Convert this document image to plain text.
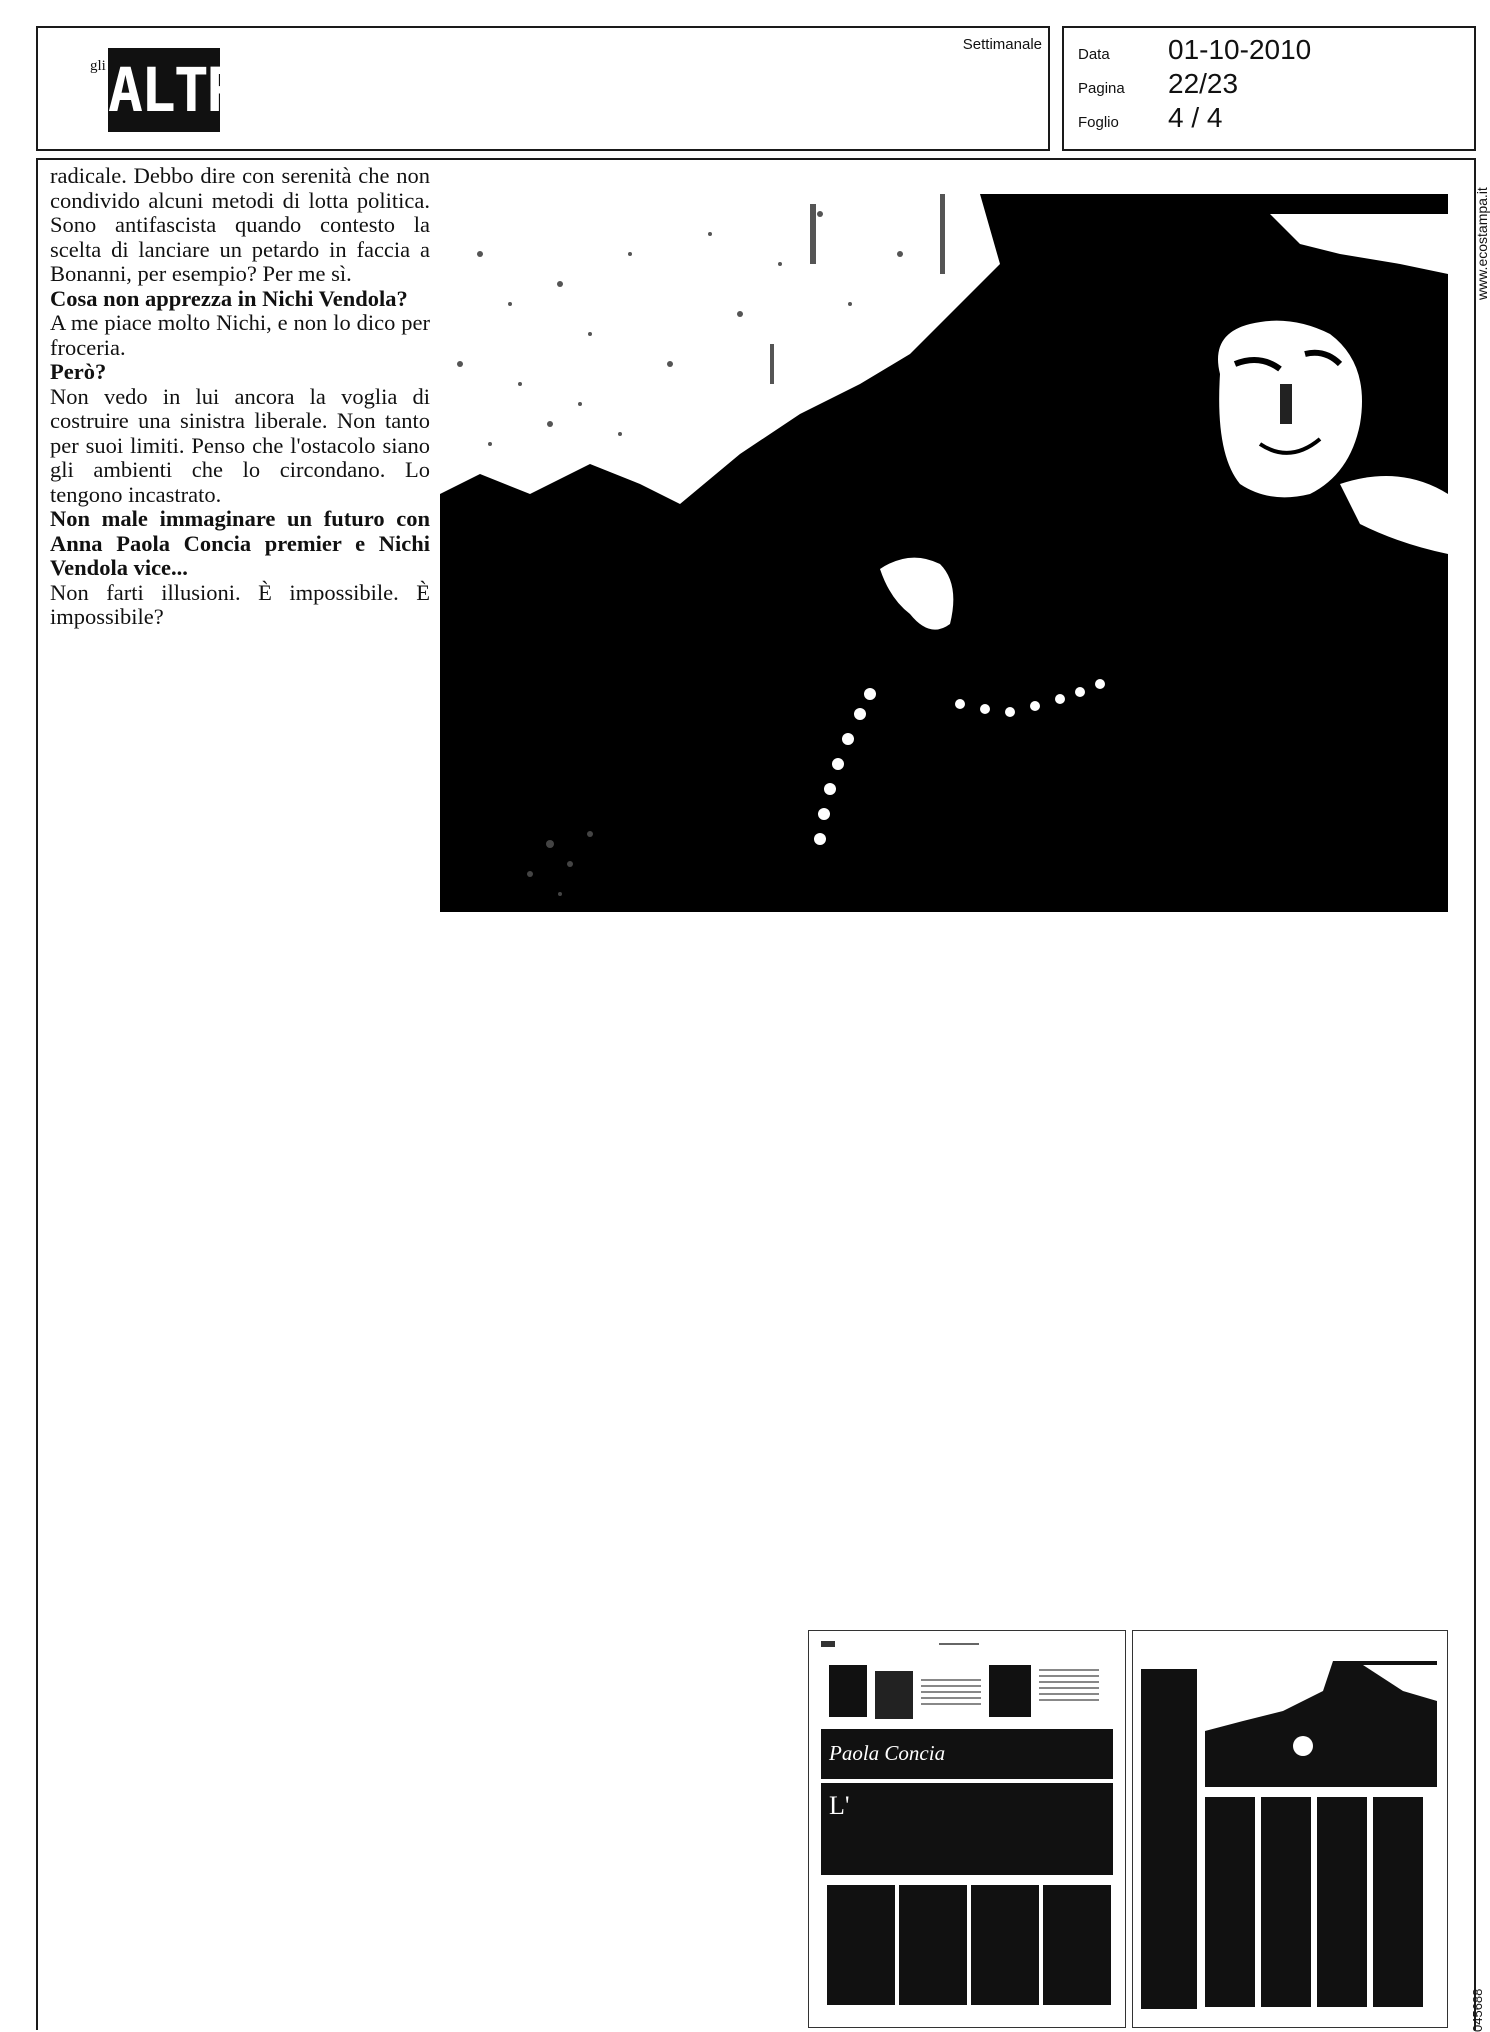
gli ALTRI
Settimanale
Data	01-10-2010
Pagina	22/23
Foglio	4 / 4

radicale. Debbo dire con serenità che non condivido alcuni metodi di lotta politica. Sono antifascista quando contesto la scelta di lanciare un petardo in faccia a Bonanni, per esempio? Per me sì.

Cosa non apprezza in Nichi Vendola?

A me piace molto Nichi, e non lo dico per froceria.

Però?

Non vedo in lui ancora la voglia di costruire una sinistra liberale. Non tanto per suoi limiti. Penso che l'ostacolo siano gli ambienti che lo circondano. Lo tengono incastrato.

Non male immaginare un futuro con Anna Paola Concia premier e Nichi Vendola vice...

Non farti illusioni. È impossibile. È impossibile?

Paola Concia
L'
www.ecostampa.it
045688
